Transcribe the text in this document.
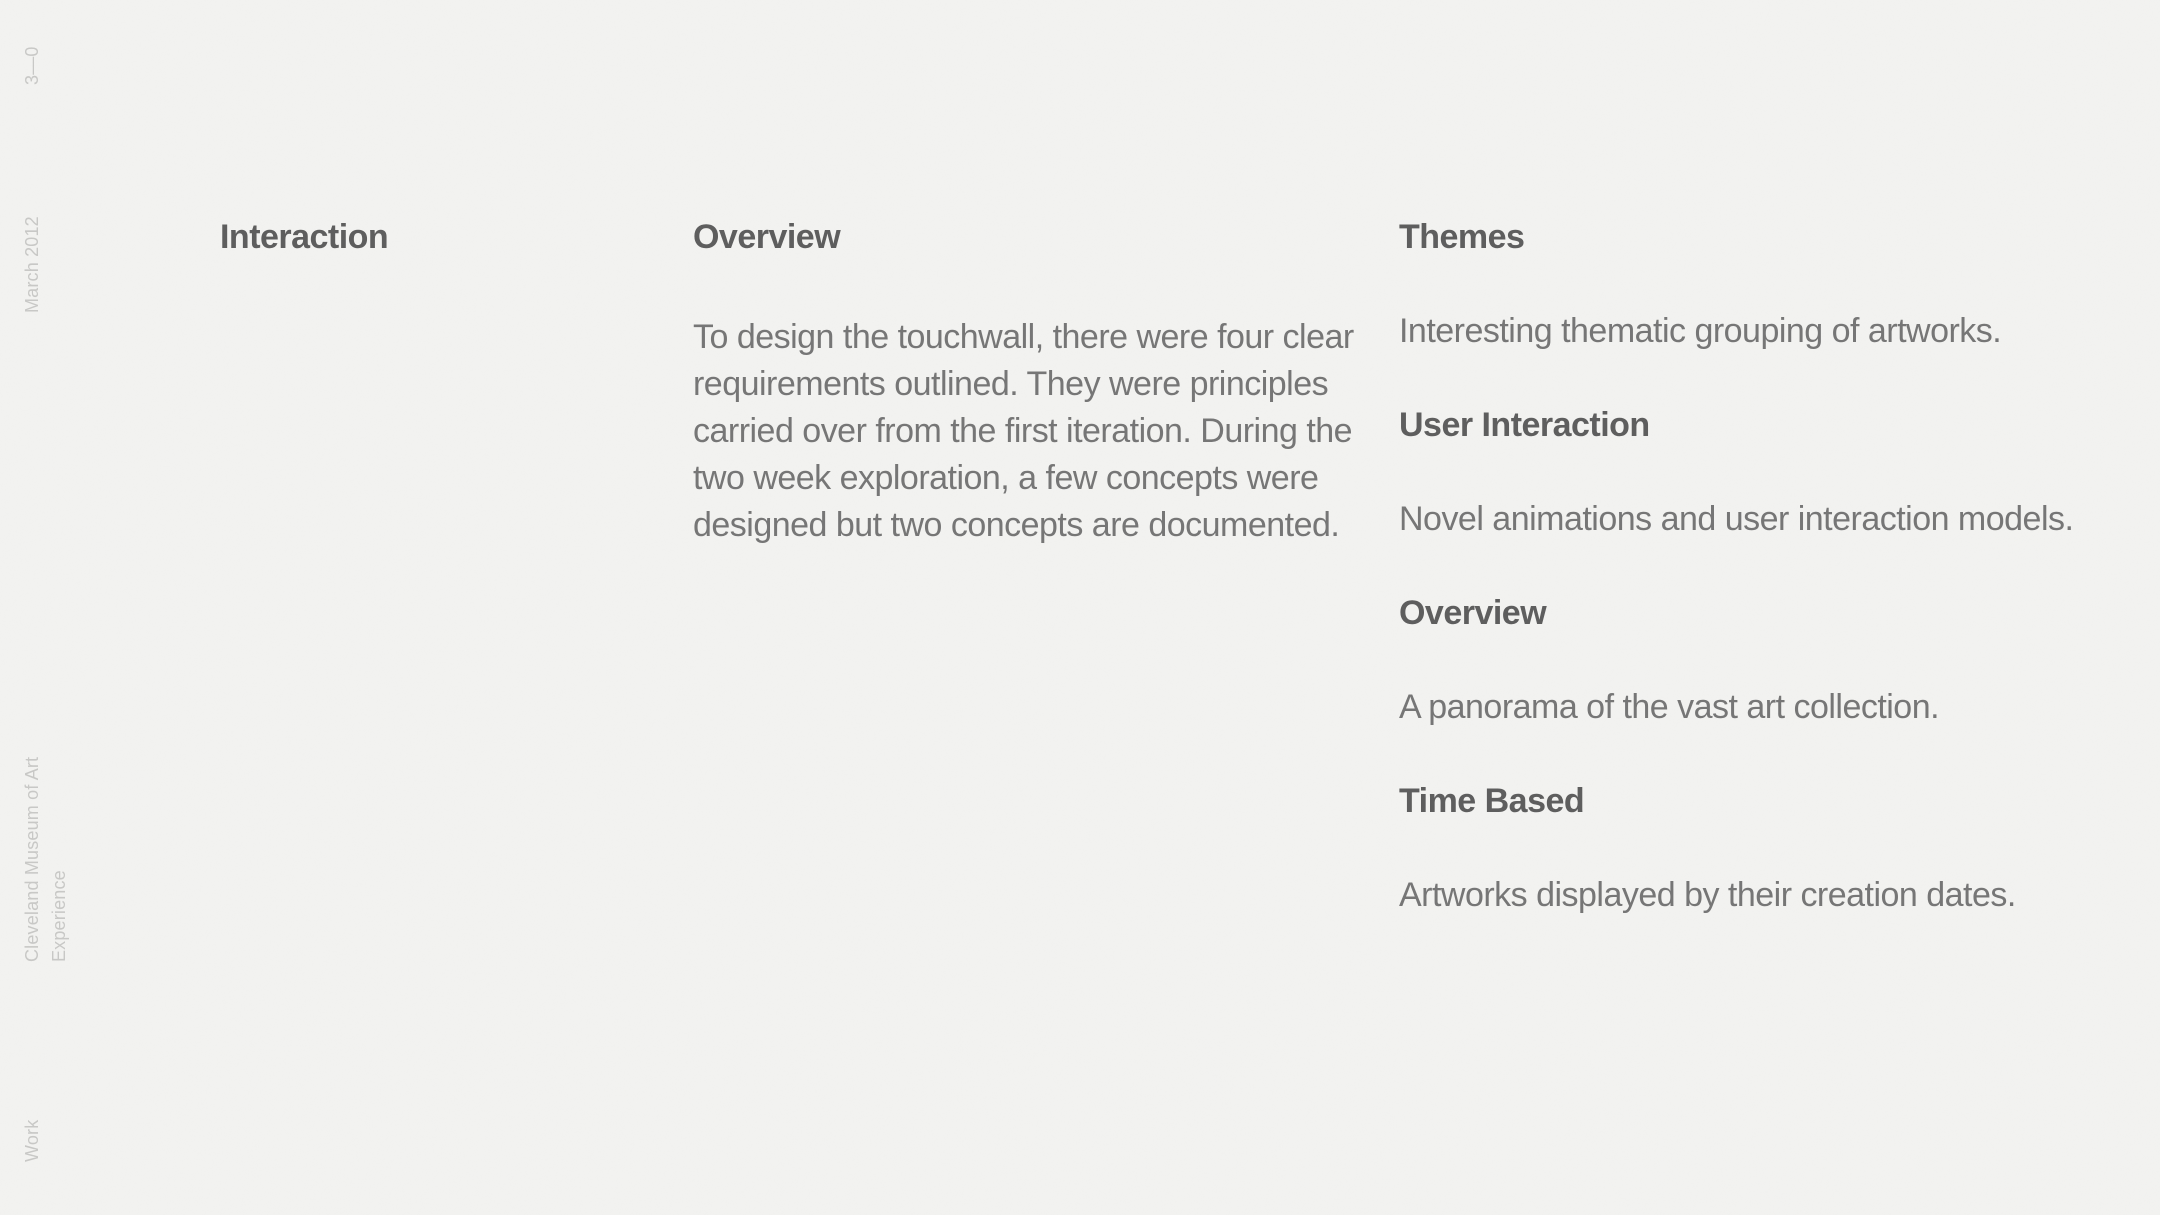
3—0
March 2012
Cleveland Museum of Art Experience
Work
Interaction	Overview
To design the touchwall, there were four clear
requirements outlined. They were principles
carried over from the first iteration. During the
two week exploration, a few concepts were
designed but two concepts are documented.
Themes
Interesting thematic grouping of artworks.
User Interaction
Novel animations and user interaction models.
Overview
A panorama of the vast art collection.
Time Based
Artworks displayed by their creation dates.
